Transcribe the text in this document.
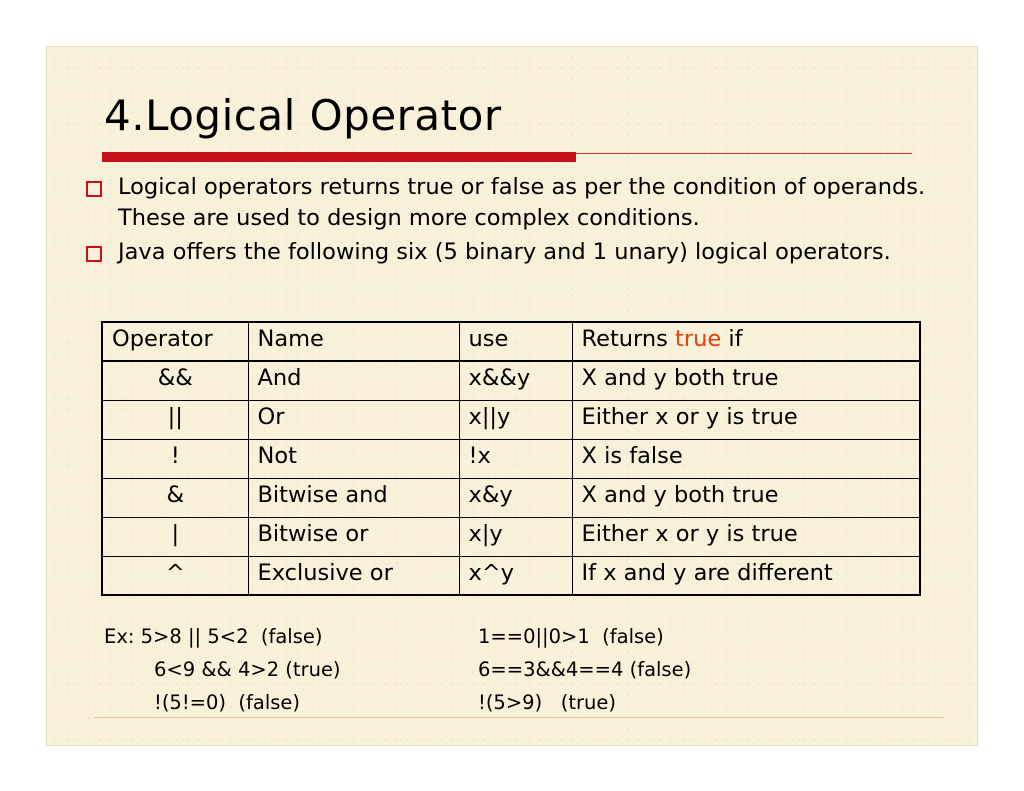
4.Logical Operator
Logical operators returns true or false as per the condition of operands. These are used to design more complex conditions.
Java offers the following six (5 binary and 1 unary) logical operators.
Operator	Name	use	Returns true if
&&	And	x&&y	X and y both true
||	Or	x||y	Either x or y is true
!	Not	!x	X is false
&	Bitwise and	x&y	X and y both true
|	Bitwise or	x|y	Either x or y is true
^	Exclusive or	x^y	If x and y are different
Ex: 5>8 || 5<2  (false)	1==0||0>1  (false)
6<9 && 4>2 (true)	6==3&&4==4 (false)
!(5!=0)  (false)	!(5>9)   (true)
